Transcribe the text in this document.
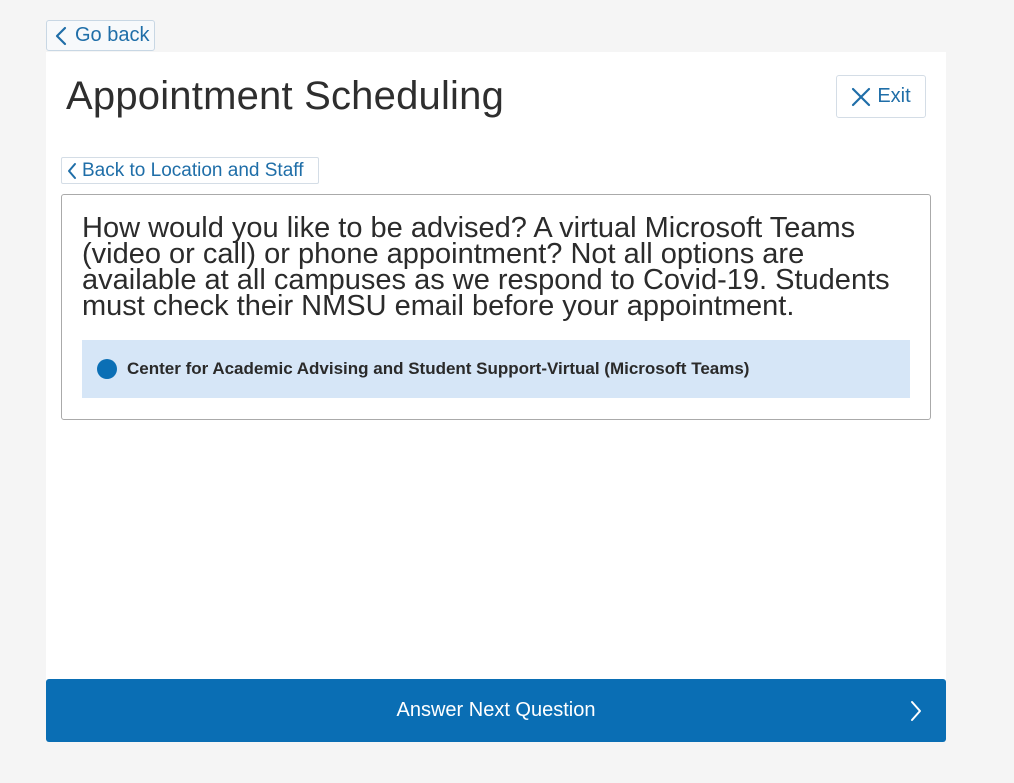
Go back
Appointment Scheduling	Exit
Back to Location and Staff

How would you like to be advised? A virtual Microsoft Teams (video or call) or phone appointment? Not all options are available at all campuses as we respond to Covid-19. Students must check their NMSU email before your appointment.

Center for Academic Advising and Student Support-Virtual (Microsoft Teams)
Answer Next Question
